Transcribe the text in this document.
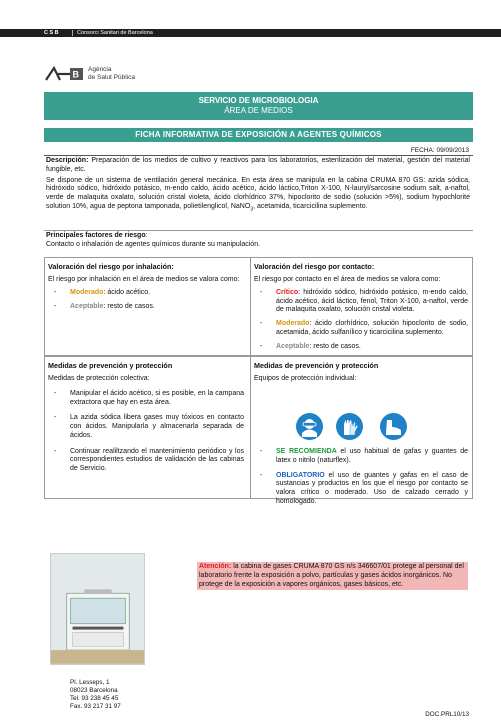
CSB	Consorci Sanitari de Barcelona
B Agència
de Salut Pública
SERVICIO DE MICROBIOLOGIA
ÁREA DE MEDIOS
FICHA INFORMATIVA DE EXPOSICIÓN A AGENTES QUÍMICOS
FECHA: 09/09/2013

Descripción: Preparación de los medios de cultivo y reactivos para los laboratorios, esterilización del material, gestión del material fungible, etc.

Se dispone de un sistema de ventilación general mecánica. En esta área se manipula en la cabina CRUMA 870 GS: azida sódica, hidróxido sódico, hidróxido potásico, m-endo caldo, ácido acético, ácido láctico,Triton X-100, N-lauryl/sarcosine sodium salt, a-naftol, verde de malaquita oxalato, solución cristal violeta, ácido clorhídrico 37%, hipoclorito de sodio (solución >5%), sodium hypochlorite solution 10%, agua de peptona tamponada, polietilenglicol, NaNO$_3$, acetamida, ticarcicilina suplemento.

Principales factores de riesgo:

Contacto o inhalación de agentes químicos durante su manipulación.

Valoración del riesgo por inhalación:

El riesgo por inhalación en el área de medios se valora como:

- Moderado: ácido acético.
- Aceptable: resto de casos.
Valoración del riesgo por contacto:

El riesgo por contacto en el área de medios se valora como:

- Crítico: hidróxido sódico, hidróxido potásico, m-endo caldo, ácido acético, ácid láctico, fenol, Triton X-100, a-naftol, verde de malaquita oxalato, solución cristal violeta.
- Moderado: ácido clorhídrico, solución hipoclorito de sodio, acetamida, ácido sulfanílico y ticarcicilina suplemento.
- Aceptable: resto de casos.
Medidas de prevención y protección

Medidas de protección colectiva:

- Manipular el ácido acético, si es posible, en la campana extractora que hay en esta área.
- La azida sódica libera gases muy tóxicos en contacto con ácidos. Manipularla y almacenarla separada de ácidos.
- Continuar realiltzando el mantenimiento periódico y los correspondientes estudios de validación de las cabinas de Servicio.
Medidas de prevención y protección

Equipos de protección individual:

- SE RECOMIENDA el uso habitual de gafas y guantes de latex o nitrilo (naturflex).
- OBLIGATORIO el uso de guantes y gafas en el caso de sustancias y productos en los que el riesgo por contacto se valora crítico o moderado. Uso de calzado cerrado y homologado.
Atención: la cabina de gases CRUMA 870 GS n/s 346607/01 protege al personal del laboratorio frente la exposición a polvo, partículas y gases ácidos inorgánicos. No protege de la exposición a vapores orgánicos, gases básicos, etc.
Pl. Lesseps, 1
08023 Barcelona
Tel. 93 238 45 45
Fax. 93 217 31 97
DOC.PRL10/13
